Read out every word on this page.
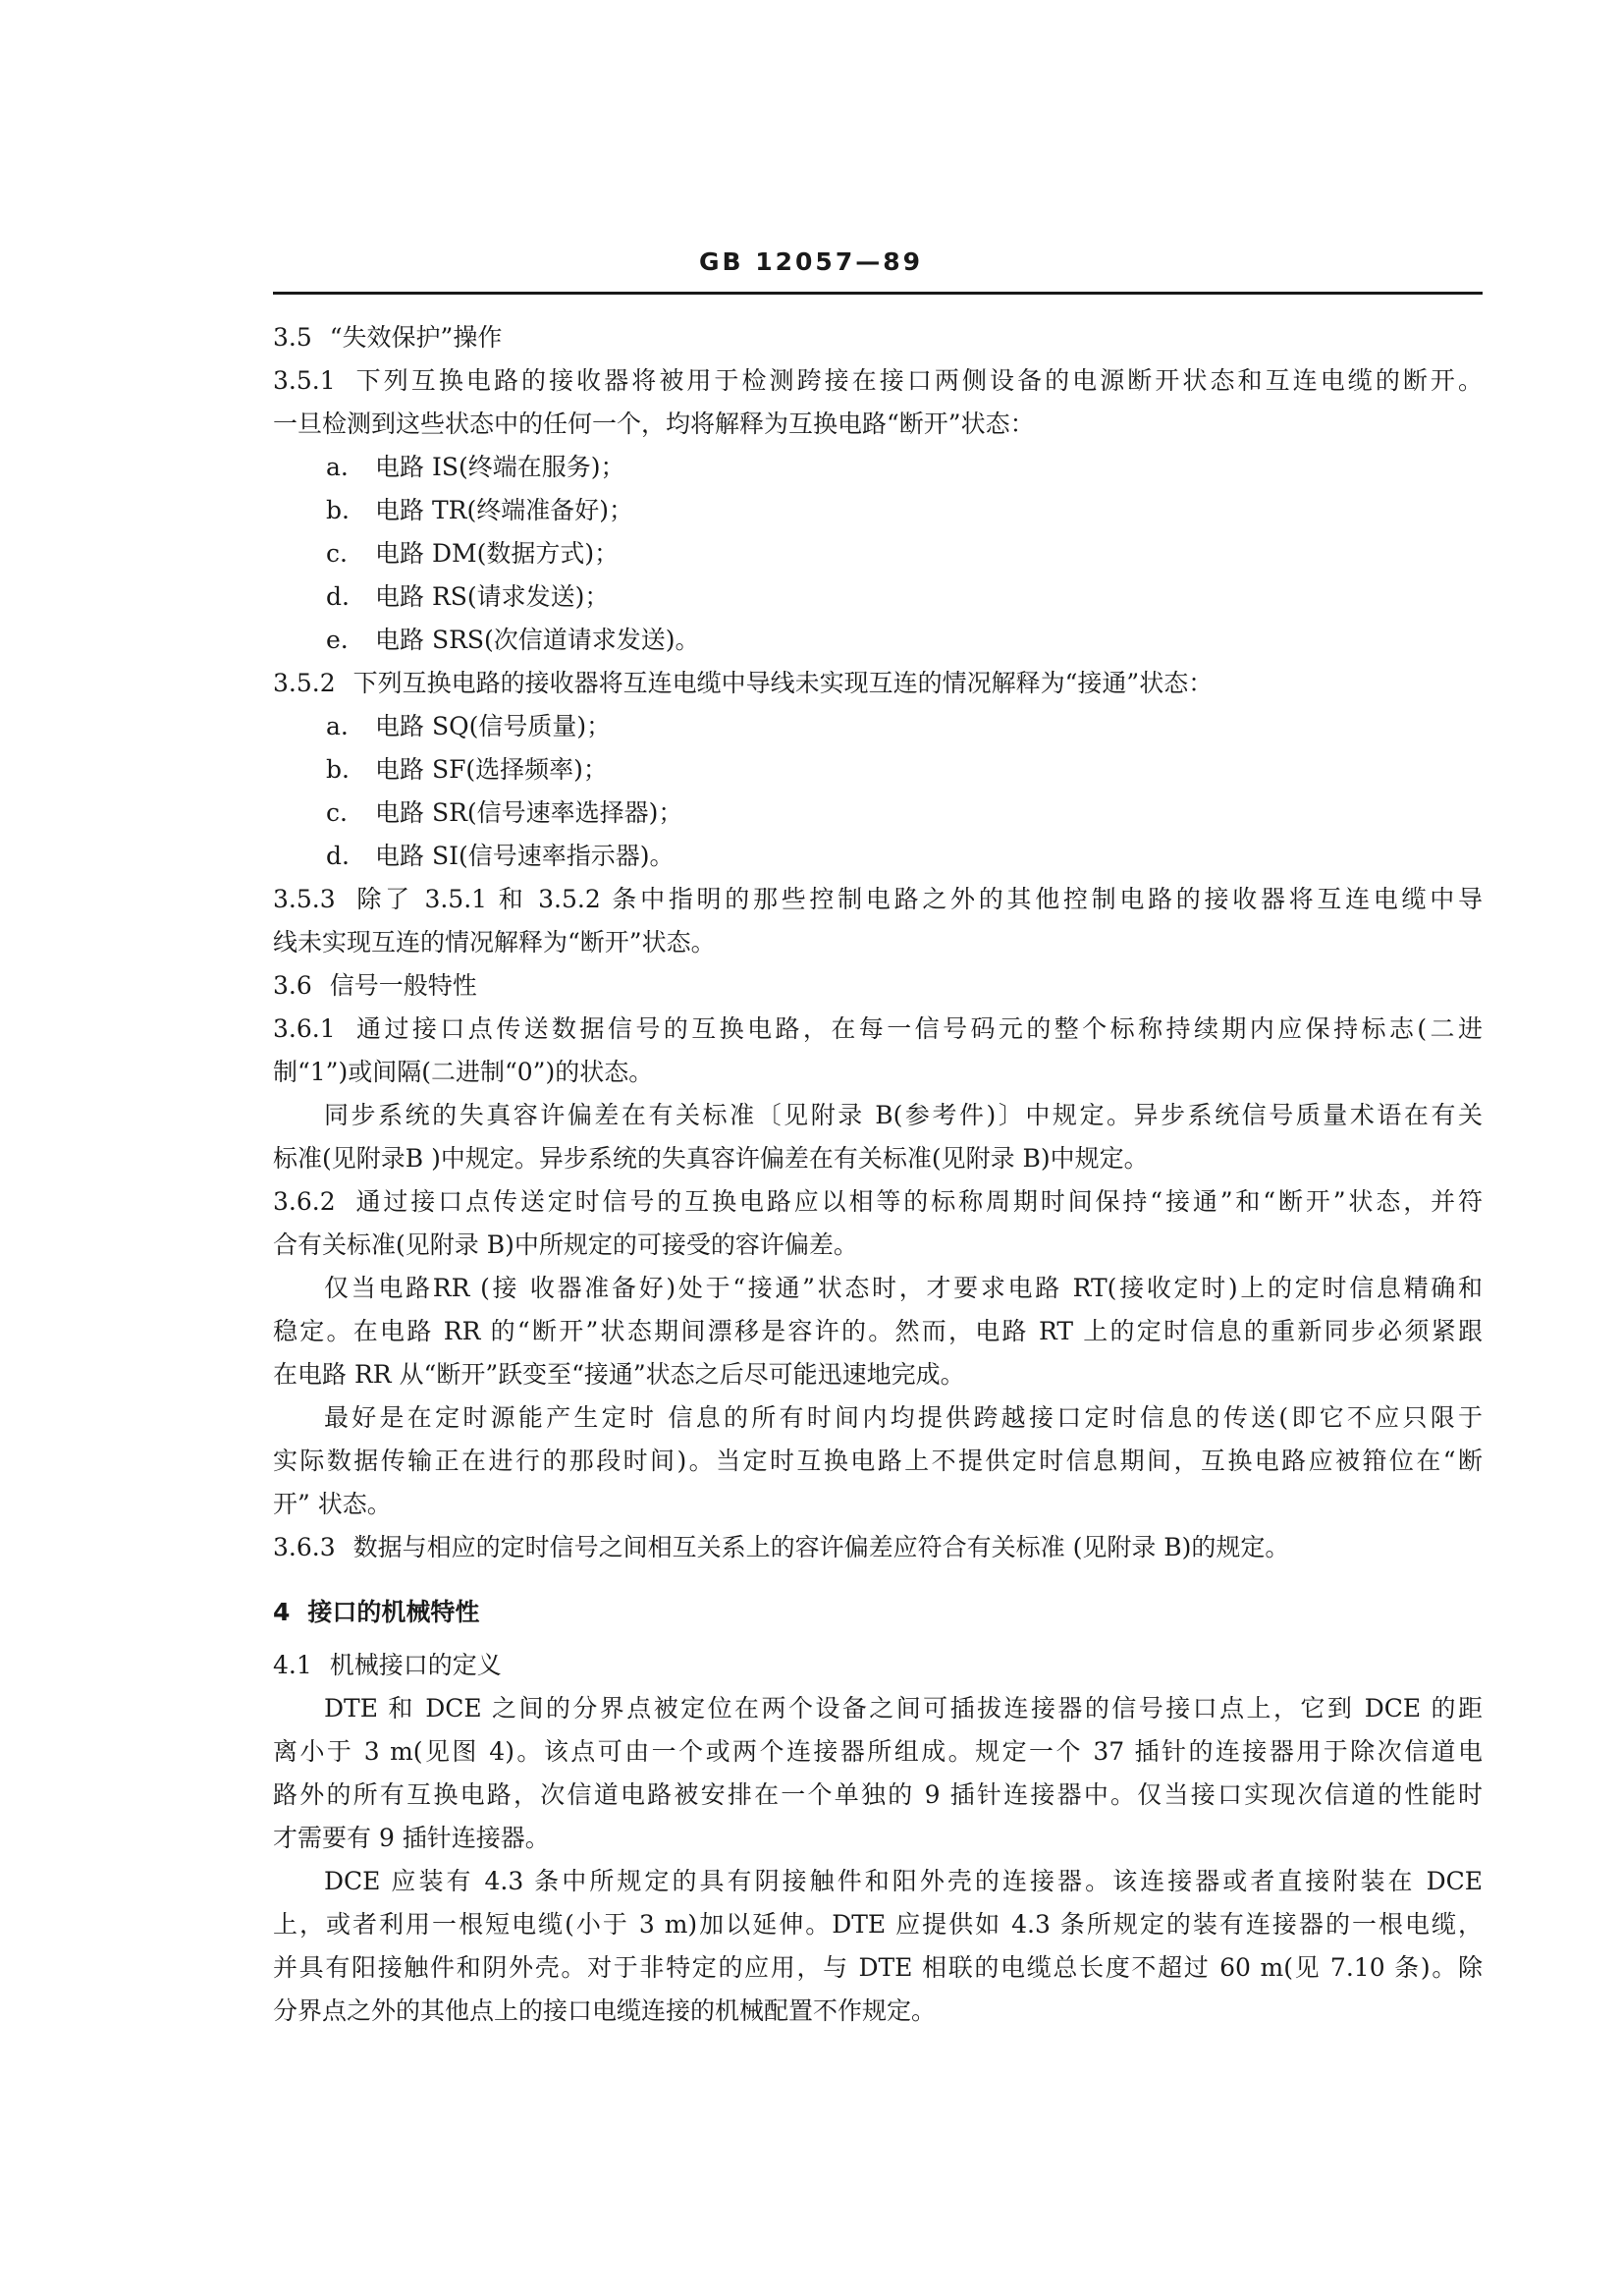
GB 12057—89
3.5 “失效保护”操作
3.5.1 下列互换电路的接收器将被用于检测跨接在接口两侧设备的电源断开状态和互连电缆的断开。
一旦检测到这些状态中的任何一个，均将解释为互换电路“断开”状态：
a. 电路 IS(终端在服务)；
b. 电路 TR(终端准备好)；
c. 电路 DM(数据方式)；
d. 电路 RS(请求发送)；
e. 电路 SRS(次信道请求发送)。
3.5.2 下列互换电路的接收器将互连电缆中导线未实现互连的情况解释为“接通”状态：
a. 电路 SQ(信号质量)；
b. 电路 SF(选择频率)；
c. 电路 SR(信号速率选择器)；
d. 电路 SI(信号速率指示器)。
3.5.3 除了 3.5.1 和 3.5.2 条中指明的那些控制电路之外的其他控制电路的接收器将互连电缆中导
线未实现互连的情况解释为“断开”状态。
3.6 信号一般特性
3.6.1 通过接口点传送数据信号的互换电路，在每一信号码元的整个标称持续期内应保持标志(二进
制“1”)或间隔(二进制“0”)的状态。
同步系统的失真容许偏差在有关标准〔见附录 B(参考件)〕中规定。异步系统信号质量术语在有关
标准(见附录B )中规定。异步系统的失真容许偏差在有关标准(见附录 B)中规定。
3.6.2 通过接口点传送定时信号的互换电路应以相等的标称周期时间保持“接通”和“断开”状态，并符
合有关标准(见附录 B)中所规定的可接受的容许偏差。
仅当电路RR (接 收器准备好)处于“接通”状态时，才要求电路 RT(接收定时)上的定时信息精确和
稳定。在电路 RR 的“断开”状态期间漂移是容许的。然而，电路 RT 上的定时信息的重新同步必须紧跟
在电路 RR 从“断开”跃变至“接通”状态之后尽可能迅速地完成。
最好是在定时源能产生定时 信息的所有时间内均提供跨越接口定时信息的传送(即它不应只限于
实际数据传输正在进行的那段时间)。当定时互换电路上不提供定时信息期间，互换电路应被箝位在“断
开” 状态。
3.6.3 数据与相应的定时信号之间相互关系上的容许偏差应符合有关标准 (见附录 B)的规定。
4 接口的机械特性
4.1 机械接口的定义
DTE 和 DCE 之间的分界点被定位在两个设备之间可插拔连接器的信号接口点上，它到 DCE 的距
离小于 3 m(见图 4)。该点可由一个或两个连接器所组成。规定一个 37 插针的连接器用于除次信道电
路外的所有互换电路，次信道电路被安排在一个单独的 9 插针连接器中。仅当接口实现次信道的性能时
才需要有 9 插针连接器。
DCE 应装有 4.3 条中所规定的具有阴接触件和阳外壳的连接器。该连接器或者直接附装在 DCE
上，或者利用一根短电缆(小于 3 m)加以延伸。DTE 应提供如 4.3 条所规定的装有连接器的一根电缆，
并具有阳接触件和阴外壳。对于非特定的应用，与 DTE 相联的电缆总长度不超过 60 m(见 7.10 条)。除
分界点之外的其他点上的接口电缆连接的机械配置不作规定。
